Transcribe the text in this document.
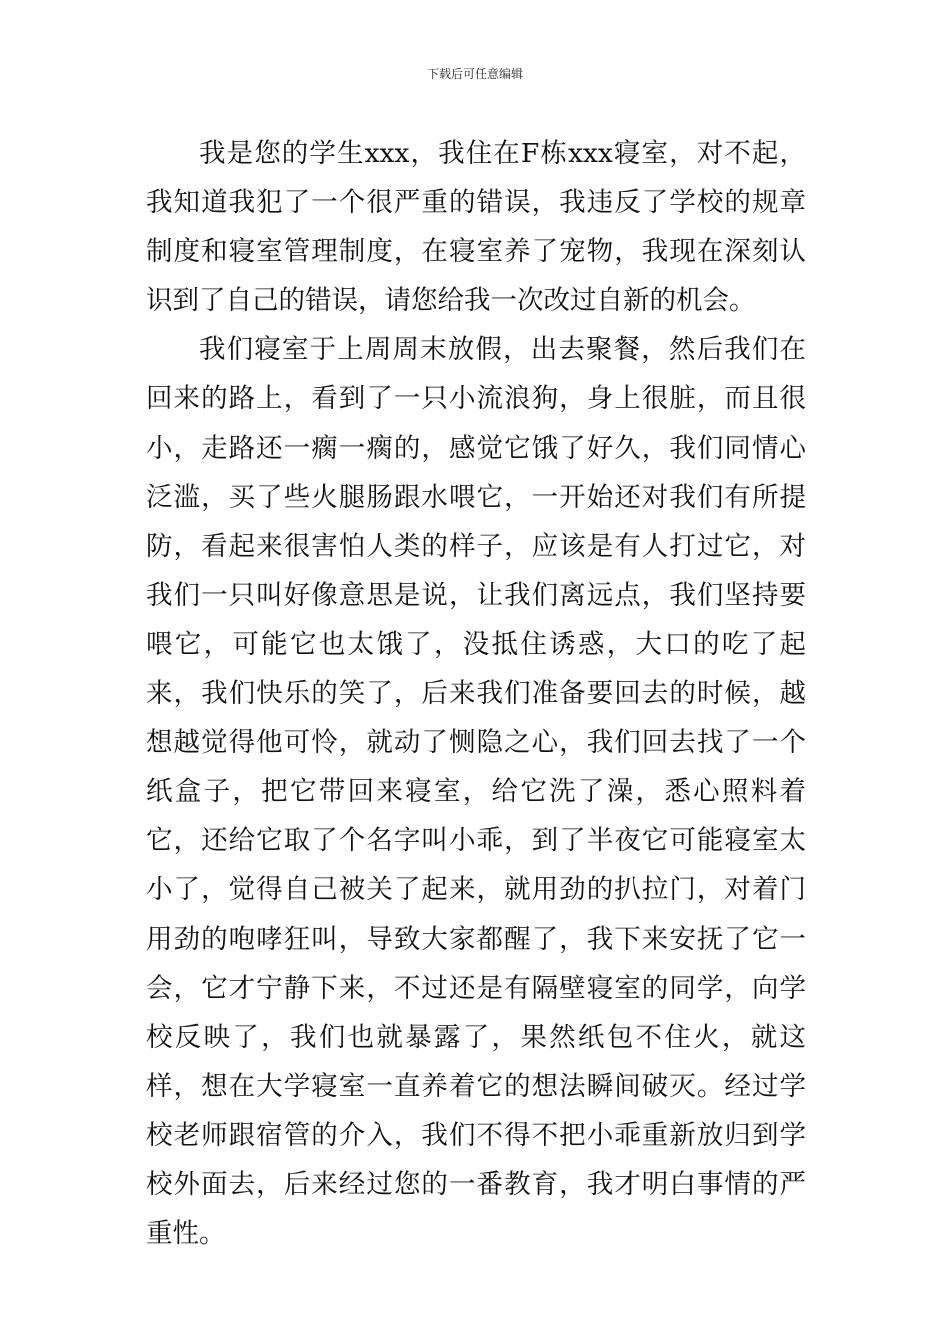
下载后可任意编辑

我是您的学生xxx，我住在F栋xxx寝室，对不起，我知道我犯了一个很严重的错误，我违反了学校的规章制度和寝室管理制度，在寝室养了宠物，我现在深刻认识到了自己的错误，请您给我一次改过自新的机会。

我们寝室于上周周末放假，出去聚餐，然后我们在回来的路上，看到了一只小流浪狗，身上很脏，而且很小，走路还一瘸一瘸的，感觉它饿了好久，我们同情心泛滥，买了些火腿肠跟水喂它，一开始还对我们有所提防，看起来很害怕人类的样子，应该是有人打过它，对我们一只叫好像意思是说，让我们离远点，我们坚持要喂它，可能它也太饿了，没抵住诱惑，大口的吃了起来，我们快乐的笑了，后来我们准备要回去的时候，越想越觉得他可怜，就动了恻隐之心，我们回去找了一个纸盒子，把它带回来寝室，给它洗了澡，悉心照料着它，还给它取了个名字叫小乖，到了半夜它可能寝室太小了，觉得自己被关了起来，就用劲的扒拉门，对着门用劲的咆哮狂叫，导致大家都醒了，我下来安抚了它一会，它才宁静下来，不过还是有隔壁寝室的同学，向学校反映了，我们也就暴露了，果然纸包不住火，就这样，想在大学寝室一直养着它的想法瞬间破灭。经过学校老师跟宿管的介入，我们不得不把小乖重新放归到学校外面去，后来经过您的一番教育，我才明白事情的严重性。
